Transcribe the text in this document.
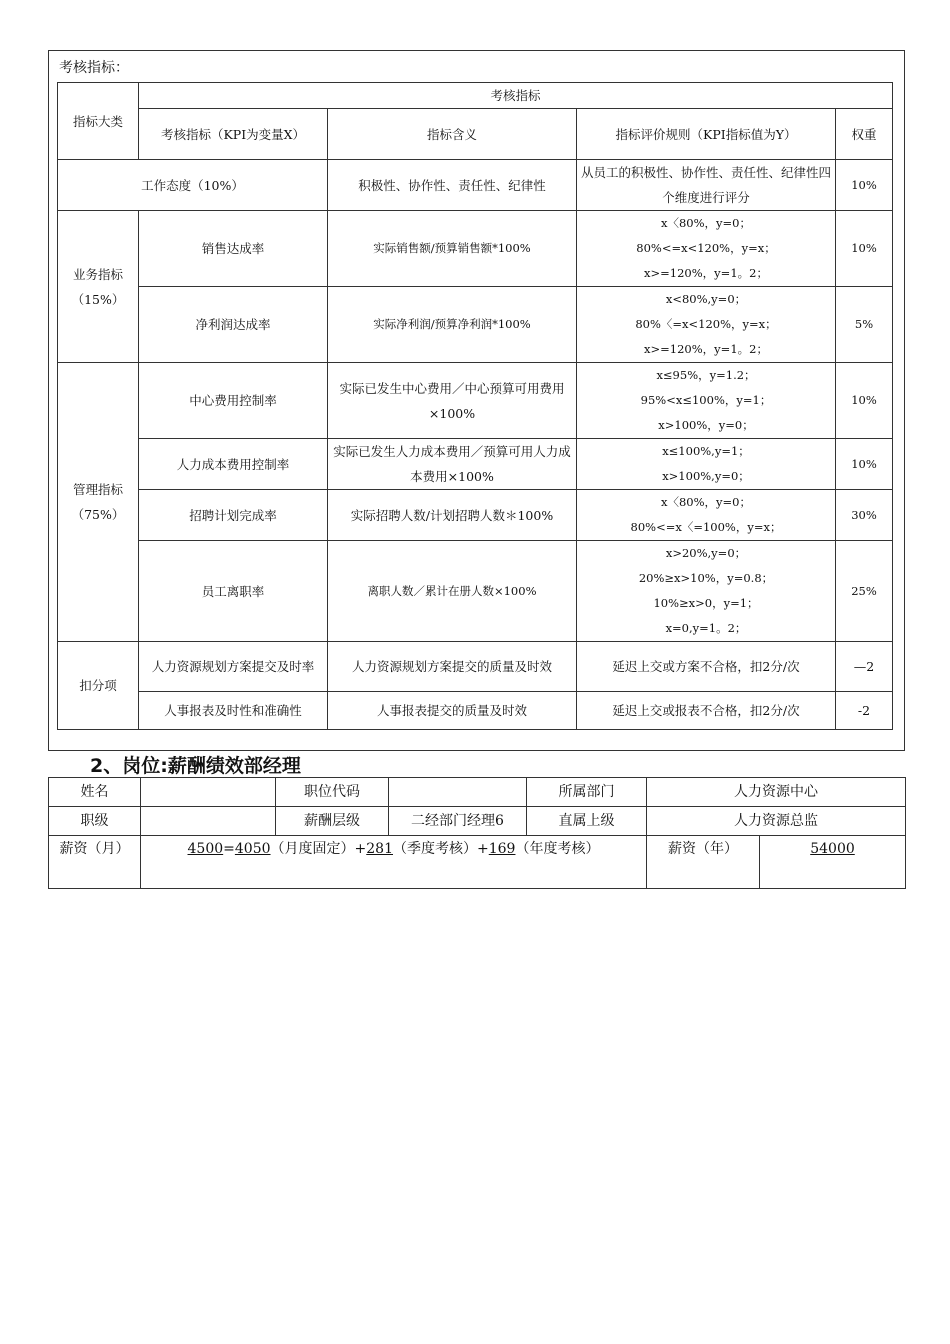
考核指标：
指标大类	考核指标			
	考核指标（KPI为变量X）	指标含义	指标评价规则（KPI指标值为Y）	权重
工作态度（10%）		积极性、协作性、责任性、纪律性	从员工的积极性、协作性、责任性、纪律性四个维度进行评分	10%
业务指标（15%）	销售达成率	实际销售额/预算销售额*100%	x〈80%，y=0；
80%<=x<120%，y=x；
x>=120%，y=1。2；	10%
	净利润达成率	实际净利润/预算净利润*100%	x<80%,y=0；
80%〈=x<120%，y=x；
x>=120%，y=1。2；	5%
管理指标（75%）	中心费用控制率	实际已发生中心费用／中心预算可用费用×100%	x≤95%，y=1.2；
95%<x≤100%，y=1；
x>100%，y=0；	10%
	人力成本费用控制率	实际已发生人力成本费用／预算可用人力成本费用×100%	x≤100%,y=1；
x>100%,y=0；	10%
	招聘计划完成率	实际招聘人数/计划招聘人数＊100%	x〈80%，y=0；
80%<=x〈=100%，y=x；	30%
	员工离职率	离职人数／累计在册人数×100%	x>20%,y=0；
20%≥x>10%，y=0.8；
10%≥x>0，y=1；
x=0,y=1。2；	25%
扣分项	人力资源规划方案提交及时率	人力资源规划方案提交的质量及时效	延迟上交或方案不合格，扣2分/次	—2
	人事报表及时性和准确性	人事报表提交的质量及时效	延迟上交或报表不合格，扣2分/次	-2
2、岗位:薪酬绩效部经理
姓名		职位代码		所属部门	人力资源中心	
职级		薪酬层级	二经部门经理6	直属上级	人力资源总监	
薪资（月）	4500=4050（月度固定）+281（季度考核）+169（年度考核）				薪资（年）	54000
